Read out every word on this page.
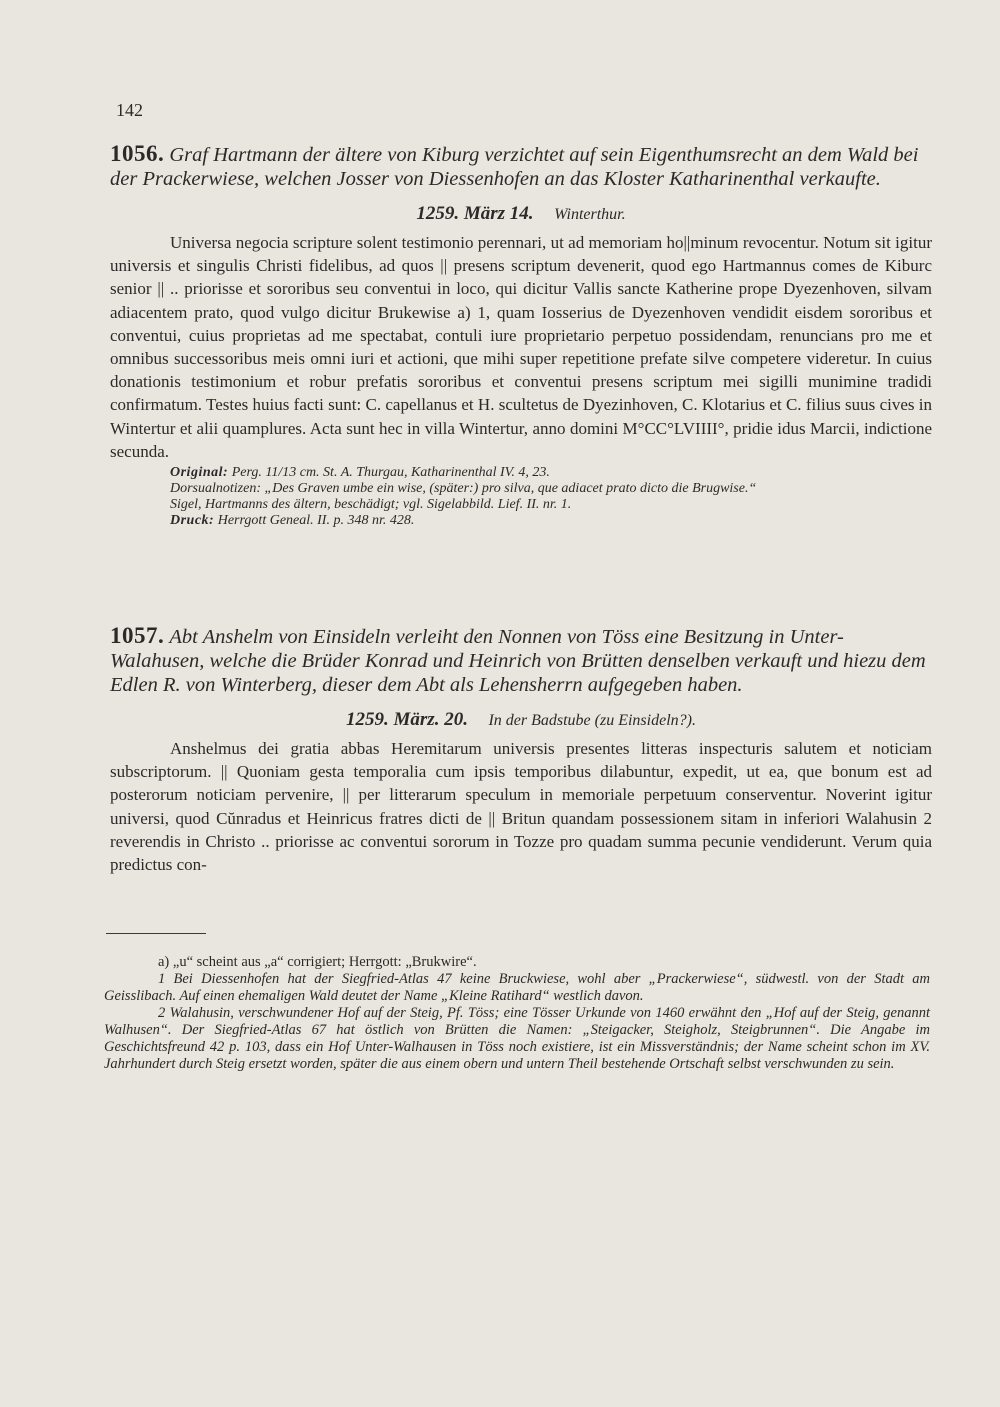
142
1056. Graf Hartmann der ältere von Kiburg verzichtet auf sein Eigenthumsrecht an dem Wald bei der Prackerwiese, welchen Josser von Diessenhofen an das Kloster Katharinenthal verkaufte.
1259. März 14. Winterthur.

Universa negocia scripture solent testimonio perennari, ut ad memoriam ho||minum revocentur. Notum sit igitur universis et singulis Christi fidelibus, ad quos || presens scriptum devenerit, quod ego Hartmannus comes de Kiburc senior || .. priorisse et sororibus seu conventui in loco, qui dicitur Vallis sancte Katherine prope Dyezenhoven, silvam adiacentem prato, quod vulgo dicitur Brukewise a) 1, quam Iosserius de Dyezenhoven vendidit eisdem sororibus et conventui, cuius proprietas ad me spectabat, contuli iure proprietario perpetuo possidendam, renuncians pro me et omnibus successoribus meis omni iuri et actioni, que mihi super repetitione prefate silve competere videretur. In cuius donationis testimonium et robur prefatis sororibus et conventui presens scriptum mei sigilli munimine tradidi confirmatum. Testes huius facti sunt: C. capellanus et H. scultetus de Dyezinhoven, C. Klotarius et C. filius suus cives in Wintertur et alii quamplures. Acta sunt hec in villa Wintertur, anno domini M°CC°LVIIII°, pridie idus Marcii, indictione secunda.

Original: Perg. 11/13 cm. St. A. Thurgau, Katharinenthal IV. 4, 23.
Dorsualnotizen: „Des Graven umbe ein wise, (später:) pro silva, que adiacet prato dicto die Brugwise.“
Sigel, Hartmanns des ältern, beschädigt; vgl. Sigelabbild. Lief. II. nr. 1.
Druck: Herrgott Geneal. II. p. 348 nr. 428.
1057. Abt Anshelm von Einsideln verleiht den Nonnen von Töss eine Besitzung in Unter-Walahusen, welche die Brüder Konrad und Heinrich von Brütten denselben verkauft und hiezu dem Edlen R. von Winterberg, dieser dem Abt als Lehensherrn aufgegeben haben.
1259. März. 20. In der Badstube (zu Einsideln?).

Anshelmus dei gratia abbas Heremitarum universis presentes litteras inspecturis salutem et noticiam subscriptorum. || Quoniam gesta temporalia cum ipsis temporibus dilabuntur, expedit, ut ea, que bonum est ad posterorum noticiam pervenire, || per litterarum speculum in memoriale perpetuum conserventur. Noverint igitur universi, quod Cŭnradus et Heinricus fratres dicti de || Britun quandam possessionem sitam in inferiori Walahusin 2 reverendis in Christo .. priorisse ac conventui sororum in Tozze pro quadam summa pecunie vendiderunt. Verum quia predictus con-

a) „u“ scheint aus „a“ corrigiert; Herrgott: „Brukwire“.

1 Bei Diessenhofen hat der Siegfried-Atlas 47 keine Bruckwiese, wohl aber „Prackerwiese“, südwestl. von der Stadt am Geisslibach. Auf einen ehemaligen Wald deutet der Name „Kleine Ratihard“ westlich davon.

2 Walahusin, verschwundener Hof auf der Steig, Pf. Töss; eine Tösser Urkunde von 1460 erwähnt den „Hof auf der Steig, genannt Walhusen“. Der Siegfried-Atlas 67 hat östlich von Brütten die Namen: „Steigacker, Steigholz, Steigbrunnen“. Die Angabe im Geschichtsfreund 42 p. 103, dass ein Hof Unter-Walhausen in Töss noch existiere, ist ein Missverständnis; der Name scheint schon im XV. Jahrhundert durch Steig ersetzt worden, später die aus einem obern und untern Theil bestehende Ortschaft selbst verschwunden zu sein.
